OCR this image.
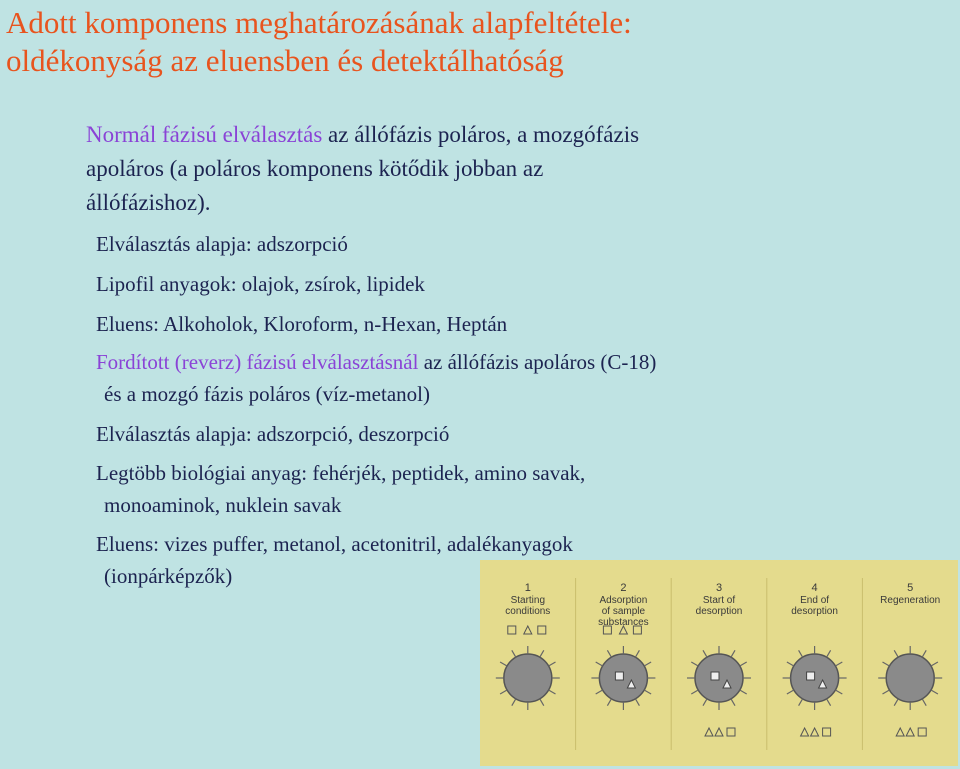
Adott komponens meghatározásának alapfeltétele:
oldékonyság az eluensben és detektálhatóság

Normál fázisú elválasztás az állófázis poláros, a mozgófázis
apoláros (a poláros komponens kötődik jobban az
állófázishoz).

Elválasztás alapja: adszorpció

Lipofil anyagok: olajok, zsírok, lipidek

Eluens: Alkoholok, Kloroform, n-Hexan, Heptán

Fordított (reverz) fázisú elválasztásnál az állófázis apoláros (C-18)

és a mozgó fázis poláros (víz-metanol)

Elválasztás alapja: adszorpció, deszorpció

Legtöbb biológiai anyag: fehérjék, peptidek, amino savak,

monoaminok, nuklein savak

Eluens: vizes puffer, metanol, acetonitril, adalékanyagok

(ionpárképzők)	1
Starting
conditions
2
Adsorption
of sample
substances
3
Start of
desorption
4
End of
desorption
5
Regeneration
